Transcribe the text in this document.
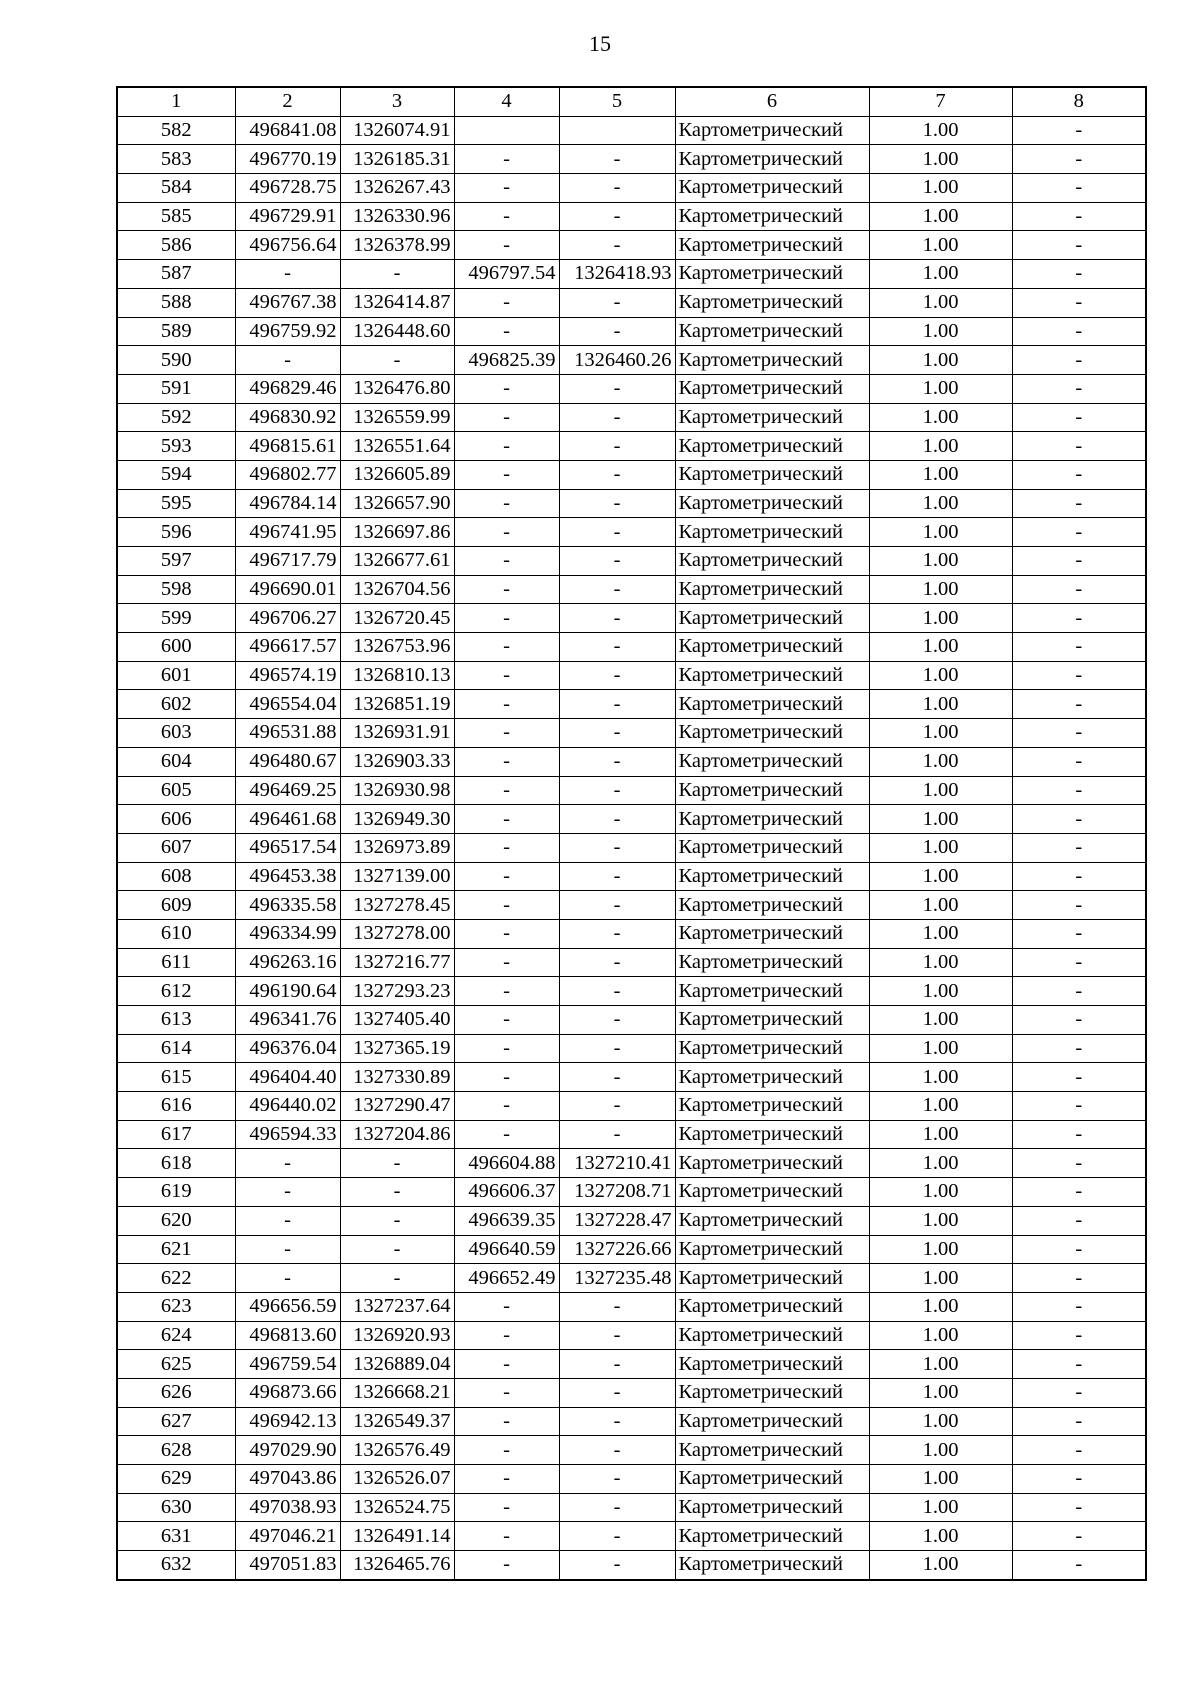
15
1	2	3	4	5	6	7	8
582	496841.08	1326074.91			Картометрический	1.00	-
583	496770.19	1326185.31	-	-	Картометрический	1.00	-
584	496728.75	1326267.43	-	-	Картометрический	1.00	-
585	496729.91	1326330.96	-	-	Картометрический	1.00	-
586	496756.64	1326378.99	-	-	Картометрический	1.00	-
587	-	-	496797.54	1326418.93	Картометрический	1.00	-
588	496767.38	1326414.87	-	-	Картометрический	1.00	-
589	496759.92	1326448.60	-	-	Картометрический	1.00	-
590	-	-	496825.39	1326460.26	Картометрический	1.00	-
591	496829.46	1326476.80	-	-	Картометрический	1.00	-
592	496830.92	1326559.99	-	-	Картометрический	1.00	-
593	496815.61	1326551.64	-	-	Картометрический	1.00	-
594	496802.77	1326605.89	-	-	Картометрический	1.00	-
595	496784.14	1326657.90	-	-	Картометрический	1.00	-
596	496741.95	1326697.86	-	-	Картометрический	1.00	-
597	496717.79	1326677.61	-	-	Картометрический	1.00	-
598	496690.01	1326704.56	-	-	Картометрический	1.00	-
599	496706.27	1326720.45	-	-	Картометрический	1.00	-
600	496617.57	1326753.96	-	-	Картометрический	1.00	-
601	496574.19	1326810.13	-	-	Картометрический	1.00	-
602	496554.04	1326851.19	-	-	Картометрический	1.00	-
603	496531.88	1326931.91	-	-	Картометрический	1.00	-
604	496480.67	1326903.33	-	-	Картометрический	1.00	-
605	496469.25	1326930.98	-	-	Картометрический	1.00	-
606	496461.68	1326949.30	-	-	Картометрический	1.00	-
607	496517.54	1326973.89	-	-	Картометрический	1.00	-
608	496453.38	1327139.00	-	-	Картометрический	1.00	-
609	496335.58	1327278.45	-	-	Картометрический	1.00	-
610	496334.99	1327278.00	-	-	Картометрический	1.00	-
611	496263.16	1327216.77	-	-	Картометрический	1.00	-
612	496190.64	1327293.23	-	-	Картометрический	1.00	-
613	496341.76	1327405.40	-	-	Картометрический	1.00	-
614	496376.04	1327365.19	-	-	Картометрический	1.00	-
615	496404.40	1327330.89	-	-	Картометрический	1.00	-
616	496440.02	1327290.47	-	-	Картометрический	1.00	-
617	496594.33	1327204.86	-	-	Картометрический	1.00	-
618	-	-	496604.88	1327210.41	Картометрический	1.00	-
619	-	-	496606.37	1327208.71	Картометрический	1.00	-
620	-	-	496639.35	1327228.47	Картометрический	1.00	-
621	-	-	496640.59	1327226.66	Картометрический	1.00	-
622	-	-	496652.49	1327235.48	Картометрический	1.00	-
623	496656.59	1327237.64	-	-	Картометрический	1.00	-
624	496813.60	1326920.93	-	-	Картометрический	1.00	-
625	496759.54	1326889.04	-	-	Картометрический	1.00	-
626	496873.66	1326668.21	-	-	Картометрический	1.00	-
627	496942.13	1326549.37	-	-	Картометрический	1.00	-
628	497029.90	1326576.49	-	-	Картометрический	1.00	-
629	497043.86	1326526.07	-	-	Картометрический	1.00	-
630	497038.93	1326524.75	-	-	Картометрический	1.00	-
631	497046.21	1326491.14	-	-	Картометрический	1.00	-
632	497051.83	1326465.76	-	-	Картометрический	1.00	-
